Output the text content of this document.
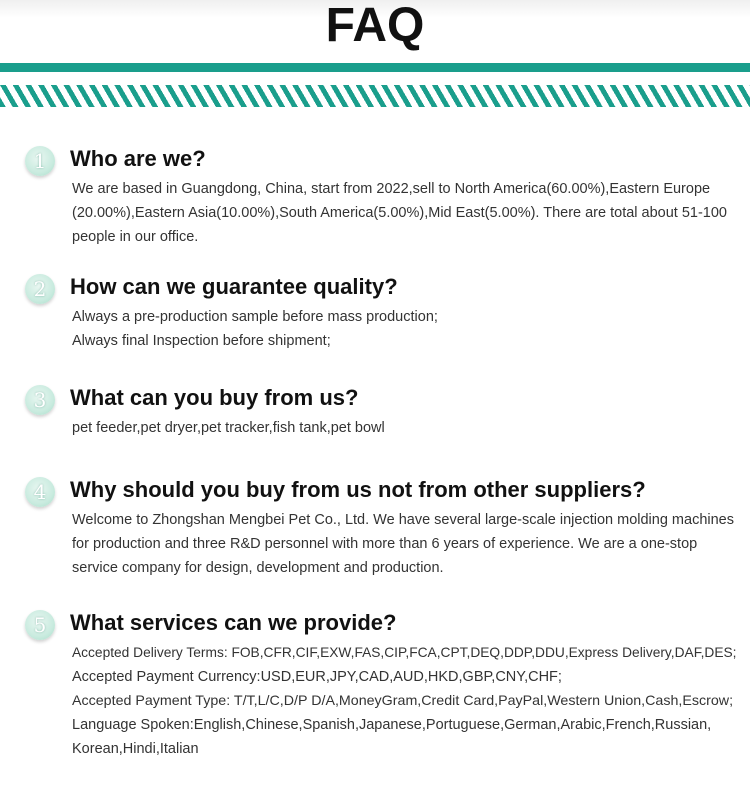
FAQ
1	Who are we?
We are based in Guangdong, China, start from 2022,sell to North America(60.00%),Eastern Europe (20.00%),Eastern Asia(10.00%),South America(5.00%),Mid East(5.00%). There are total about 51-100 people in our office.
2	How can we guarantee quality?
Always a pre-production sample before mass production;
Always final Inspection before shipment;
3	What can you buy from us?
pet feeder,pet dryer,pet tracker,fish tank,pet bowl
4	Why should you buy from us not from other suppliers?
Welcome to Zhongshan Mengbei Pet Co., Ltd. We have several large-scale injection molding machines for production and three R&D personnel with more than 6 years of experience. We are a one-stop service company for design, development and production.
5	What services can we provide?
Accepted Delivery Terms: FOB,CFR,CIF,EXW,FAS,CIP,FCA,CPT,DEQ,DDP,DDU,Express Delivery,DAF,DES;
Accepted Payment Currency:USD,EUR,JPY,CAD,AUD,HKD,GBP,CNY,CHF;
Accepted Payment Type: T/T,L/C,D/P D/A,MoneyGram,Credit Card,PayPal,Western Union,Cash,Escrow;
Language Spoken:English,Chinese,Spanish,Japanese,Portuguese,German,Arabic,French,Russian, Korean,Hindi,Italian
